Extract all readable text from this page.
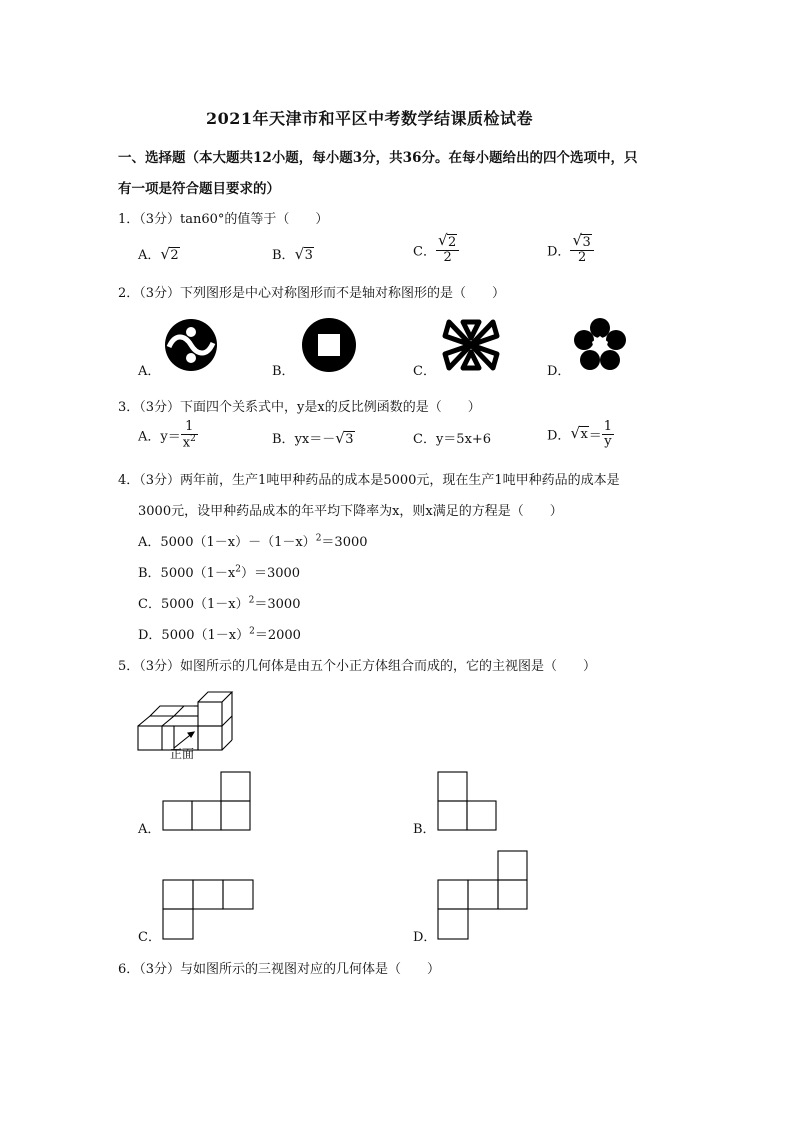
2021年天津市和平区中考数学结课质检试卷
一、选择题（本大题共12小题，每小题3分，共36分。在每小题给出的四个选项中，只
有一项是符合题目要求的）
1．（3分）tan60°的值等于（　　）
A． √ 2	B． √ 3	C． $\frac{√ 2}{2}$	D． $\frac{√ 3}{2}$
2．（3分）下列图形是中心对称图形而不是轴对称图形的是（　　）
A．	B．	C．	D．
3．（3分）下面四个关系式中，y是x的反比例函数的是（　　）
A．$y= \frac{1}{x^2}$	B．yx＝－ √ 3	C．y＝5x+6	D． √ $x= \frac{1}{y}$
4．（3分）两年前，生产1吨甲种药品的成本是5000元，现在生产1吨甲种药品的成本是
3000元，设甲种药品成本的年平均下降率为x，则x满足的方程是（　　）
A．$5000(1-x)-(1-x)^2=3000$
B．$5000(1-x^2)=3000$
C．$5000(1-x)^2=3000$
D．$5000(1-x)^2=2000$
5．（3分）如图所示的几何体是由五个小正方体组合而成的，它的主视图是（　　）
正面
A．	B．
C．	D．
6．（3分）与如图所示的三视图对应的几何体是（　　）
